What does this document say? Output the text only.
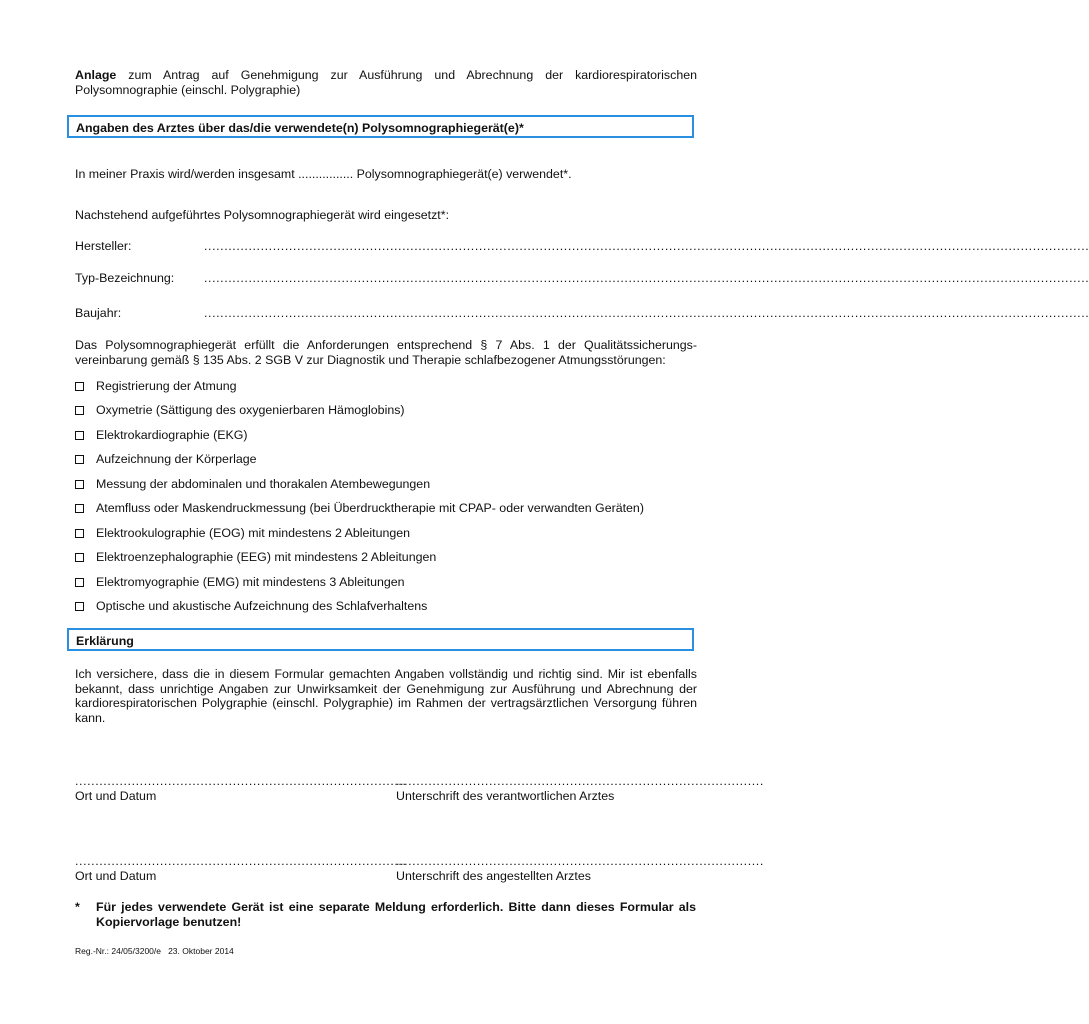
Anlage zum Antrag auf Genehmigung zur Ausführung und Abrechnung der kardiorespiratorischen Polysomnographie (einschl. Polygraphie)
Angaben des Arztes über das/die verwendete(n) Polysomnographiegerät(e)*
In meiner Praxis wird/werden insgesamt ................ Polysomnographiegerät(e) verwendet*.
Nachstehend aufgeführtes Polysomnographiegerät wird eingesetzt*:
Hersteller:	...........................................................................................................................................................................................................................
Typ-Bezeichnung: ...........................................................................................................................................................................................................................
Baujahr:	...........................................................................................................................................................................................................................
Das Polysomnographiegerät erfüllt die Anforderungen entsprechend § 7 Abs. 1 der Qualitätssicherungs-vereinbarung gemäß § 135 Abs. 2 SGB V zur Diagnostik und Therapie schlafbezogener Atmungsstörungen:
Registrierung der Atmung
Oxymetrie (Sättigung des oxygenierbaren Hämoglobins)
Elektrokardiographie (EKG)
Aufzeichnung der Körperlage
Messung der abdominalen und thorakalen Atembewegungen
Atemfluss oder Maskendruckmessung (bei Überdrucktherapie mit CPAP- oder verwandten Geräten)
Elektrookulographie (EOG) mit mindestens 2 Ableitungen
Elektroenzephalographie (EEG) mit mindestens 2 Ableitungen
Elektromyographie (EMG) mit mindestens 3 Ableitungen
Optische und akustische Aufzeichnung des Schlafverhaltens
Erklärung
Ich versichere, dass die in diesem Formular gemachten Angaben vollständig und richtig sind. Mir ist ebenfalls bekannt, dass unrichtige Angaben zur Unwirksamkeit der Genehmigung zur Ausführung und Abrechnung der kardiorespiratorischen Polygraphie (einschl. Polygraphie) im Rahmen der vertragsärztlichen Versorgung führen kann.
..................................................................................
Ort und Datum
...........................................................................................
Unterschrift des verantwortlichen Arztes
..................................................................................
Ort und Datum
...........................................................................................
Unterschrift des angestellten Arztes
* Für jedes verwendete Gerät ist eine separate Meldung erforderlich. Bitte dann dieses Formular als Kopiervorlage benutzen!
Reg.-Nr.: 24/05/3200/e   23. Oktober 2014
